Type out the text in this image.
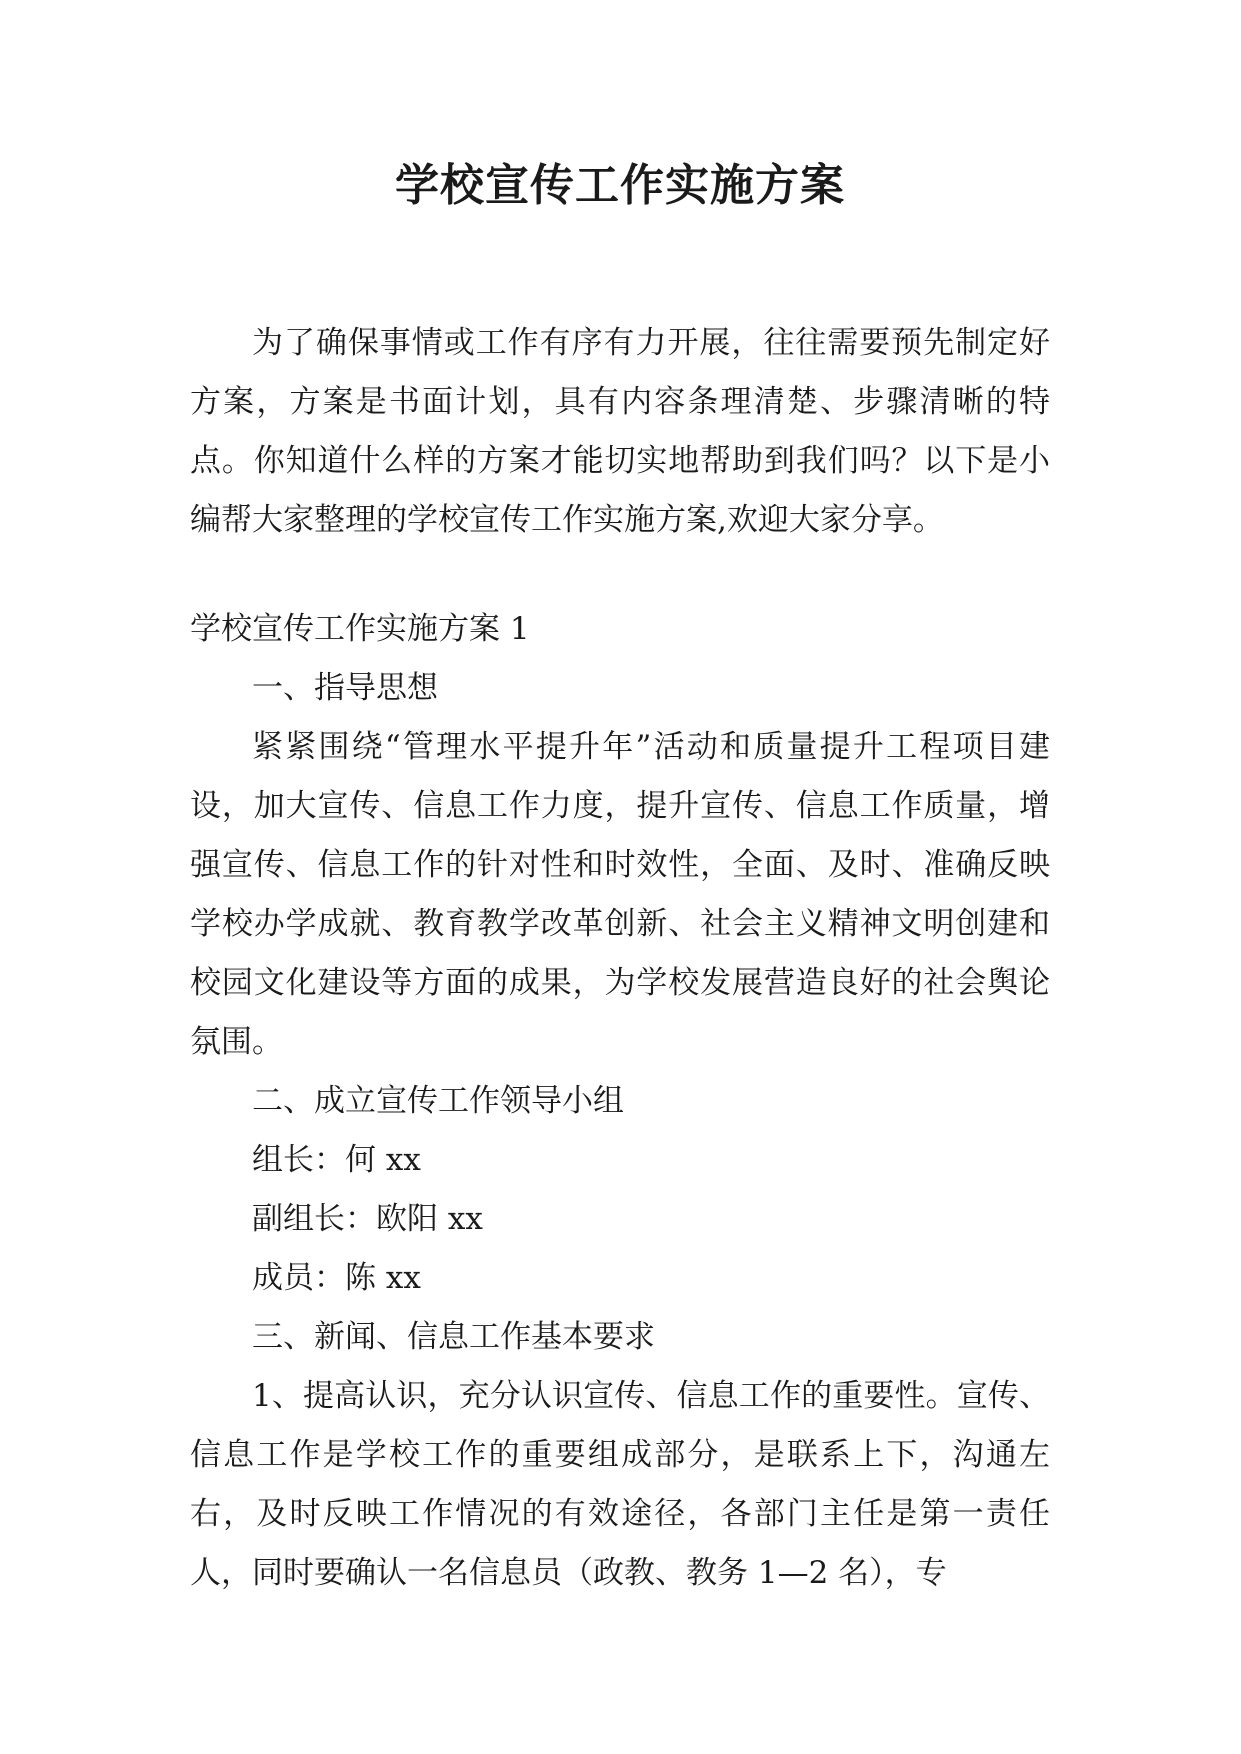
学校宣传工作实施方案

为了确保事情或工作有序有力开展，往往需要预先制定好方案，方案是书面计划，具有内容条理清楚、步骤清晰的特点。你知道什么样的方案才能切实地帮助到我们吗？以下是小编帮大家整理的学校宣传工作实施方案,欢迎大家分享。

学校宣传工作实施方案 1

一、指导思想

紧紧围绕“管理水平提升年”活动和质量提升工程项目建设，加大宣传、信息工作力度，提升宣传、信息工作质量，增强宣传、信息工作的针对性和时效性，全面、及时、准确反映学校办学成就、教育教学改革创新、社会主义精神文明创建和校园文化建设等方面的成果，为学校发展营造良好的社会舆论氛围。

二、成立宣传工作领导小组

组长：何 xx

副组长：欧阳 xx

成员：陈 xx

三、新闻、信息工作基本要求

1、提高认识，充分认识宣传、信息工作的重要性。宣传、信息工作是学校工作的重要组成部分，是联系上下，沟通左右，及时反映工作情况的有效途径，各部门主任是第一责任人，同时要确认一名信息员（政教、教务 1—2 名），专
